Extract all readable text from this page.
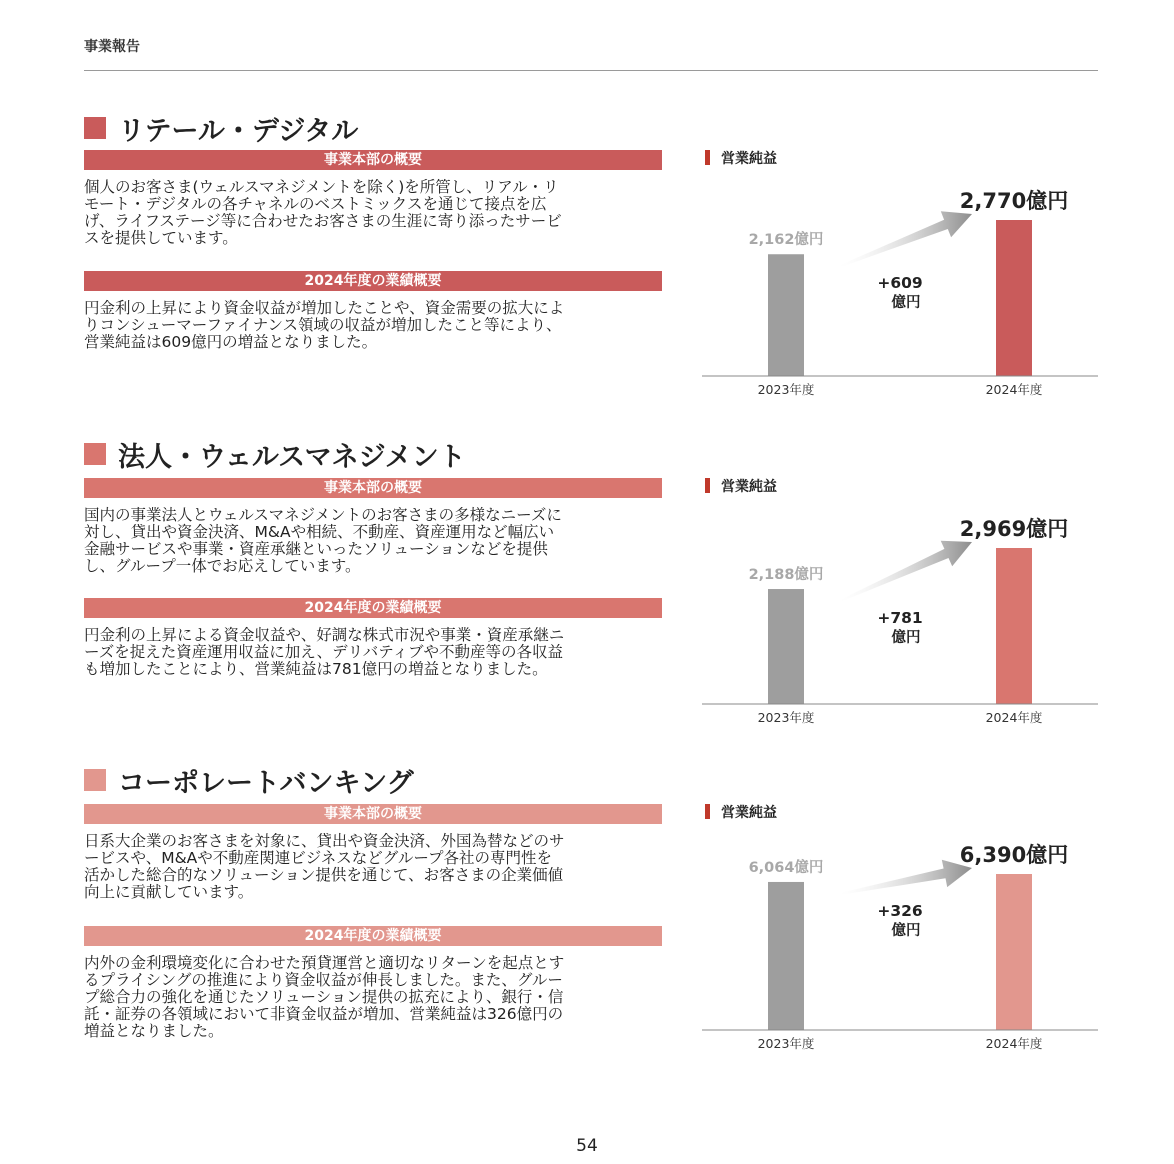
事業報告
リテール・デジタル
事業本部の概要
個人のお客さま(ウェルスマネジメントを除く)を所管し、リアル・リ
モート・デジタルの各チャネルのベストミックスを通じて接点を広
げ、ライフステージ等に合わせたお客さまの生涯に寄り添ったサービ
スを提供しています。
2024年度の業績概要
円金利の上昇により資金収益が増加したことや、資金需要の拡大によ
りコンシューマーファイナンス領域の収益が増加したこと等により、
営業純益は609億円の増益となりました。
営業純益
2023年度	2024年度
2,162億円
2,770億円
+609
億円
法人・ウェルスマネジメント
事業本部の概要
国内の事業法人とウェルスマネジメントのお客さまの多様なニーズに
対し、貸出や資金決済、M&Aや相続、不動産、資産運用など幅広い
金融サービスや事業・資産承継といったソリューションなどを提供
し、グループ一体でお応えしています。
2024年度の業績概要
円金利の上昇による資金収益や、好調な株式市況や事業・資産承継ニ
ーズを捉えた資産運用収益に加え、デリバティブや不動産等の各収益
も増加したことにより、営業純益は781億円の増益となりました。
営業純益
2023年度	2024年度
2,188億円
2,969億円
+781
億円
コーポレートバンキング
事業本部の概要
日系大企業のお客さまを対象に、貸出や資金決済、外国為替などのサ
ービスや、M&Aや不動産関連ビジネスなどグループ各社の専門性を
活かした総合的なソリューション提供を通じて、お客さまの企業価値
向上に貢献しています。
2024年度の業績概要
内外の金利環境変化に合わせた預貸運営と適切なリターンを起点とす
るプライシングの推進により資金収益が伸長しました。また、グルー
プ総合力の強化を通じたソリューション提供の拡充により、銀行・信
託・証券の各領域において非資金収益が増加、営業純益は326億円の
増益となりました。
営業純益
2023年度	2024年度
6,064億円
6,390億円
+326
億円
54
